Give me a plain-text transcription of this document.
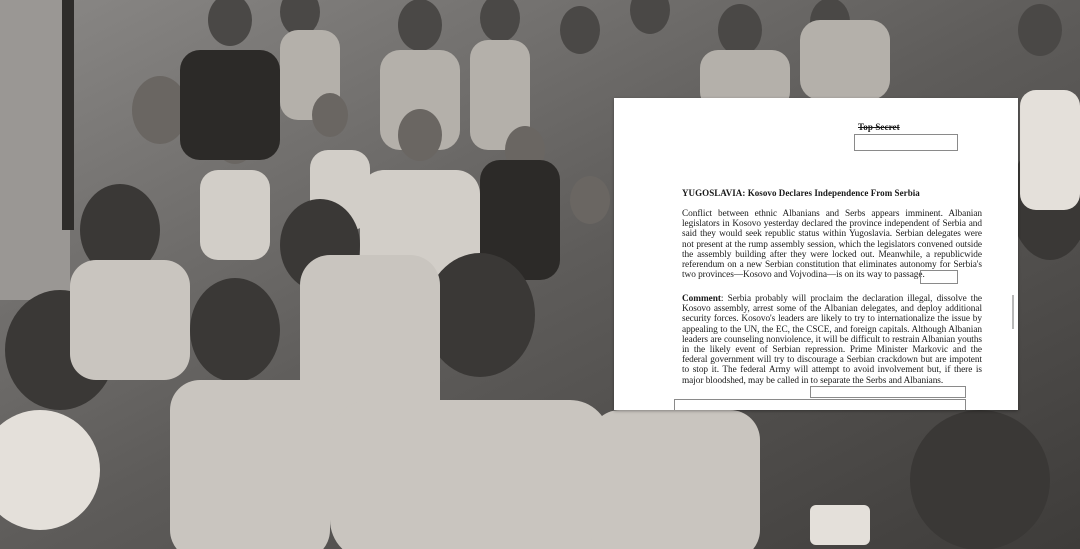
Top Secret
YUGOSLAVIA: Kosovo Declares Independence From Serbia
Conflict between ethnic Albanians and Serbs appears imminent. Albanian legislators in Kosovo yesterday declared the province independent of Serbia and said they would seek republic status within Yugoslavia. Serbian delegates were not present at the rump assembly session, which the legislators convened outside the assembly building after they were locked out. Meanwhile, a republicwide referendum on a new Serbian constitution that eliminates autonomy for Serbia's two provinces—Kosovo and Vojvodina—is on its way to passage.
Comment: Serbia probably will proclaim the declaration illegal, dissolve the Kosovo assembly, arrest some of the Albanian delegates, and deploy additional security forces. Kosovo's leaders are likely to try to internationalize the issue by appealing to the UN, the EC, the CSCE, and foreign capitals. Although Albanian leaders are counseling nonviolence, it will be difficult to restrain Albanian youths in the likely event of Serbian repression. Prime Minister Markovic and the federal government will try to discourage a Serbian crackdown but are impotent to stop it. The federal Army will attempt to avoid involvement but, if there is major bloodshed, may be called in to separate the Serbs and Albanians.
